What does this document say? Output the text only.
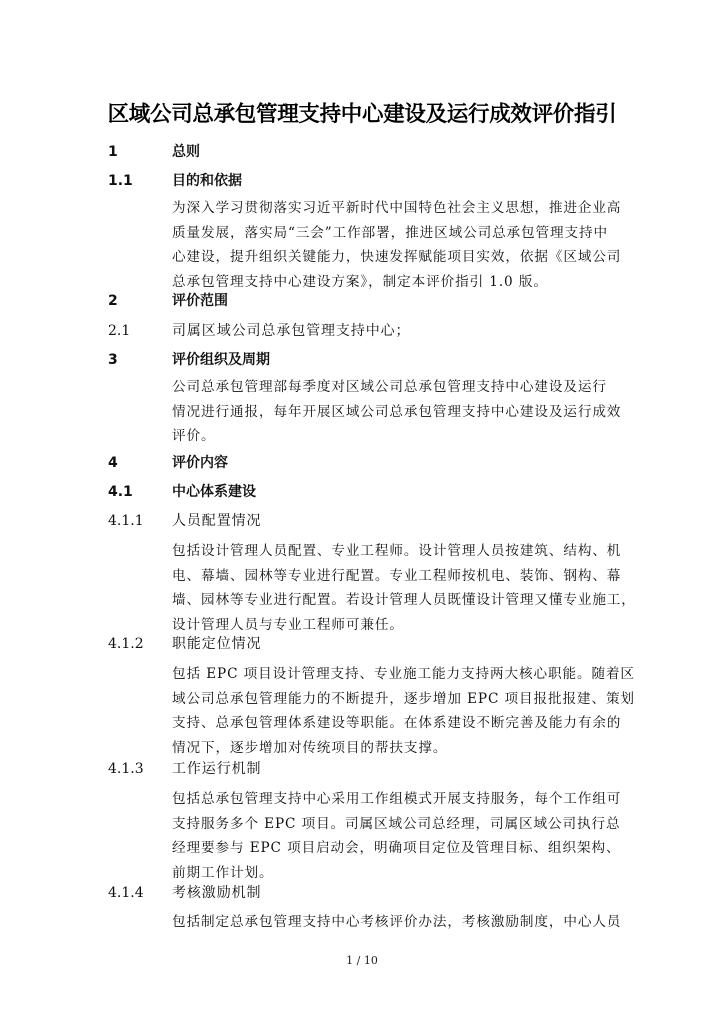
区域公司总承包管理支持中心建设及运行成效评价指引
1	总则
1.1	目的和依据
为深入学习贯彻落实习近平新时代中国特色社会主义思想，推进企业高
质量发展，落实局“三会”工作部署，推进区域公司总承包管理支持中
心建设，提升组织关键能力，快速发挥赋能项目实效，依据《区域公司
总承包管理支持中心建设方案》，制定本评价指引 1.0 版。
2	评价范围
2.1	司属区域公司总承包管理支持中心；
3	评价组织及周期
公司总承包管理部每季度对区域公司总承包管理支持中心建设及运行
情况进行通报，每年开展区域公司总承包管理支持中心建设及运行成效
评价。
4	评价内容
4.1	中心体系建设
4.1.1 人员配置情况
包括设计管理人员配置、专业工程师。设计管理人员按建筑、结构、机
电、幕墙、园林等专业进行配置。专业工程师按机电、装饰、钢构、幕
墙、园林等专业进行配置。若设计管理人员既懂设计管理又懂专业施工，
设计管理人员与专业工程师可兼任。
4.1.2 职能定位情况
包括 EPC 项目设计管理支持、专业施工能力支持两大核心职能。随着区
域公司总承包管理能力的不断提升，逐步增加 EPC 项目报批报建、策划
支持、总承包管理体系建设等职能。在体系建设不断完善及能力有余的
情况下，逐步增加对传统项目的帮扶支撑。
4.1.3 工作运行机制
包括总承包管理支持中心采用工作组模式开展支持服务，每个工作组可
支持服务多个 EPC 项目。司属区域公司总经理，司属区域公司执行总
经理要参与 EPC 项目启动会，明确项目定位及管理目标、组织架构、
前期工作计划。
4.1.4 考核激励机制
包括制定总承包管理支持中心考核评价办法，考核激励制度，中心人员
1 / 10
